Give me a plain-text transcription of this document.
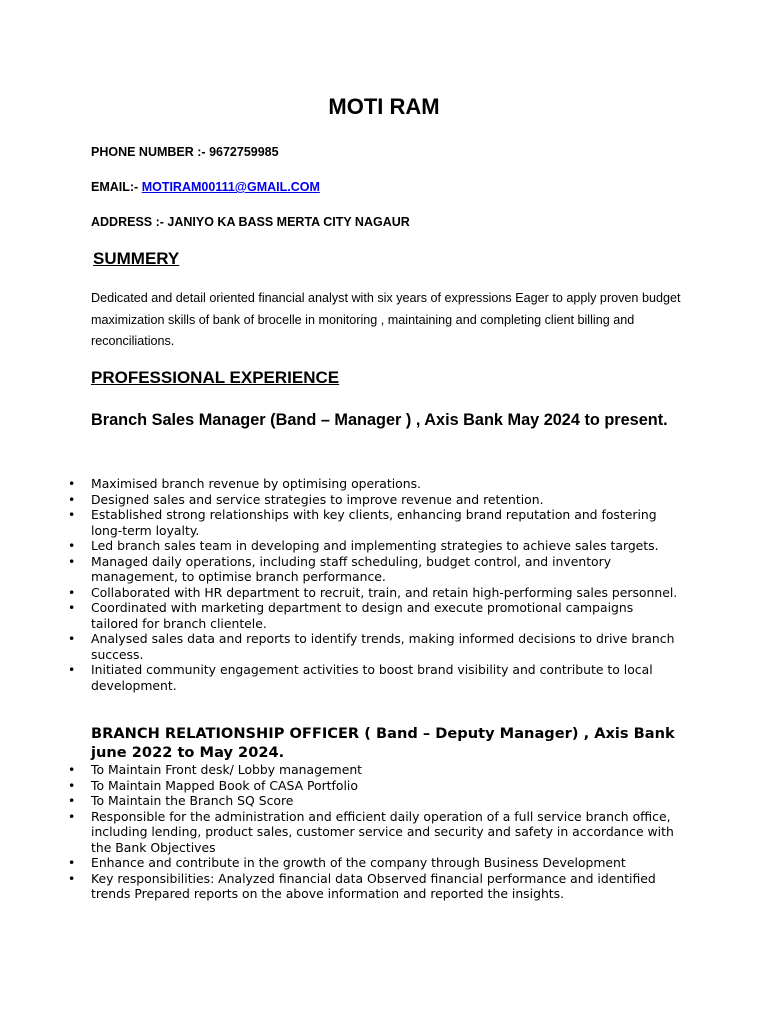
MOTI RAM
PHONE NUMBER :- 9672759985
EMAIL:- MOTIRAM00111@GMAIL.COM
ADDRESS :- JANIYO KA BASS MERTA CITY NAGAUR
SUMMERY
Dedicated and detail oriented financial analyst with six years of expressions Eager to apply proven budget maximization skills of bank of brocelle in monitoring , maintaining and completing client billing and reconciliations.
PROFESSIONAL EXPERIENCE
Branch Sales Manager (Band – Manager ) , Axis Bank May 2024 to present.
• Maximised branch revenue by optimising operations.
• Designed sales and service strategies to improve revenue and retention.
• Established strong relationships with key clients, enhancing brand reputation and fostering long-term loyalty.
• Led branch sales team in developing and implementing strategies to achieve sales targets.
• Managed daily operations, including staff scheduling, budget control, and inventory management, to optimise branch performance.
• Collaborated with HR department to recruit, train, and retain high-performing sales personnel.
• Coordinated with marketing department to design and execute promotional campaigns tailored for branch clientele.
• Analysed sales data and reports to identify trends, making informed decisions to drive branch success.
• Initiated community engagement activities to boost brand visibility and contribute to local development.
BRANCH RELATIONSHIP OFFICER ( Band – Deputy Manager) , Axis Bank june 2022 to May 2024.
• To Maintain Front desk/ Lobby management
• To Maintain Mapped Book of CASA Portfolio
• To Maintain the Branch SQ Score
• Responsible for the administration and efficient daily operation of a full service branch office, including lending, product sales, customer service and security and safety in accordance with the Bank Objectives
• Enhance and contribute in the growth of the company through Business Development
• Key responsibilities: Analyzed financial data Observed financial performance and identified trends Prepared reports on the above information and reported the insights.
